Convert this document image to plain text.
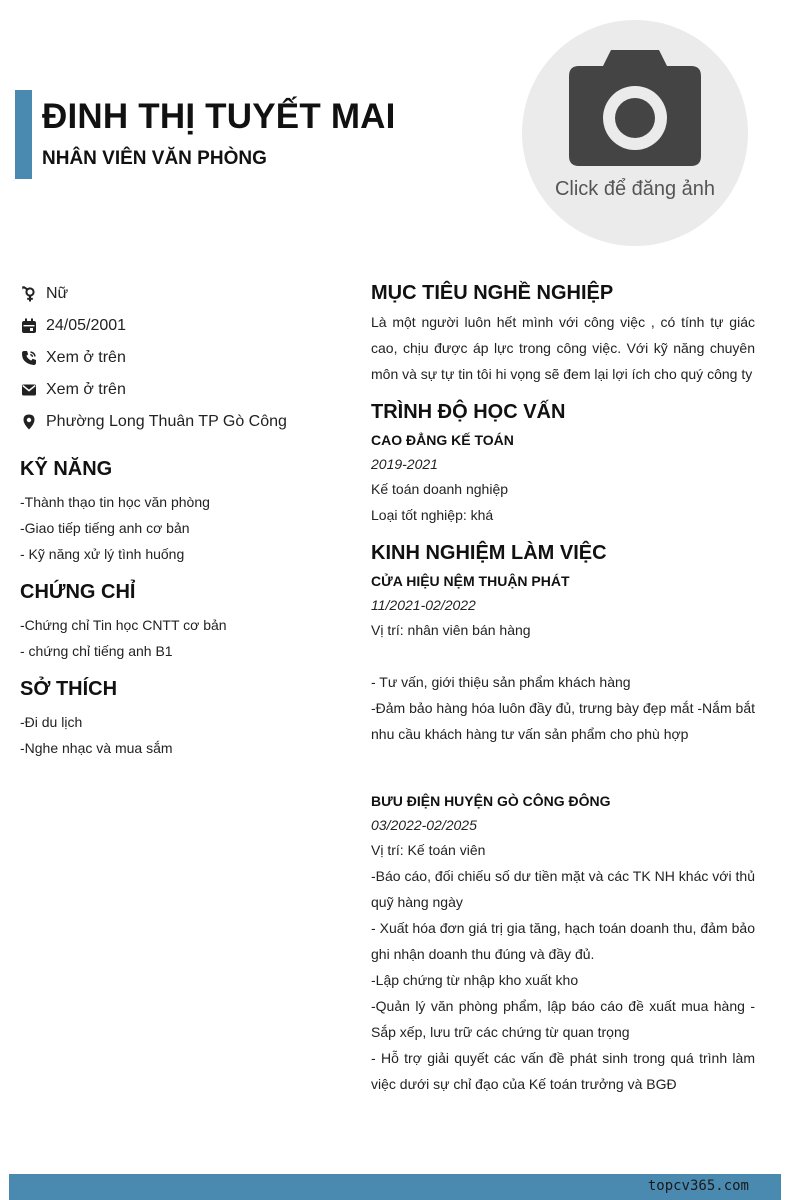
ĐINH THỊ TUYẾT MAI
NHÂN VIÊN VĂN PHÒNG
Click để đăng ảnh
Nữ
24/05/2001
Xem ở trên
Xem ở trên
Phường Long Thuân TP Gò Công
KỸ NĂNG
-Thành thạo tin học văn phòng
-Giao tiếp tiếng anh cơ bản
- Kỹ năng xử lý tình huống
CHỨNG CHỈ
-Chứng chỉ Tin học CNTT cơ bản
- chứng chỉ tiếng anh B1
SỞ THÍCH
-Đi du lịch
-Nghe nhạc và mua sắm
MỤC TIÊU NGHỀ NGHIỆP
Là một người luôn hết mình với công việc , có tính tự giác cao, chịu được áp lực trong công việc. Với kỹ năng chuyên môn và sự tự tin tôi hi vọng sẽ đem lại lợi ích cho quý công ty
TRÌNH ĐỘ HỌC VẤN
CAO ĐẲNG KẾ TOÁN
2019-2021
Kế toán doanh nghiệp
Loại tốt nghiệp: khá
KINH NGHIỆM LÀM VIỆC
CỬA HIỆU NỆM THUẬN PHÁT
11/2021-02/2022
Vị trí: nhân viên bán hàng
- Tư vấn, giới thiệu sản phẩm khách hàng
-Đảm bảo hàng hóa luôn đầy đủ, trưng bày đẹp mắt -Nắm bắt nhu cầu khách hàng tư vấn sản phẩm cho phù hợp
BƯU ĐIỆN HUYỆN GÒ CÔNG ĐÔNG
03/2022-02/2025
Vị trí: Kế toán viên
-Báo cáo, đối chiếu số dư tiền mặt và các TK NH khác với thủ quỹ hàng ngày
- Xuất hóa đơn giá trị gia tăng, hạch toán doanh thu, đảm bảo ghi nhận doanh thu đúng và đầy đủ.
-Lập chứng từ nhập kho xuất kho
-Quản lý văn phòng phẩm, lập báo cáo đề xuất mua hàng -Sắp xếp, lưu trữ các chứng từ quan trọng
- Hỗ trợ giải quyết các vấn đề phát sinh trong quá trình làm việc dưới sự chỉ đạo của Kế toán trưởng và BGĐ
topcv365.com
